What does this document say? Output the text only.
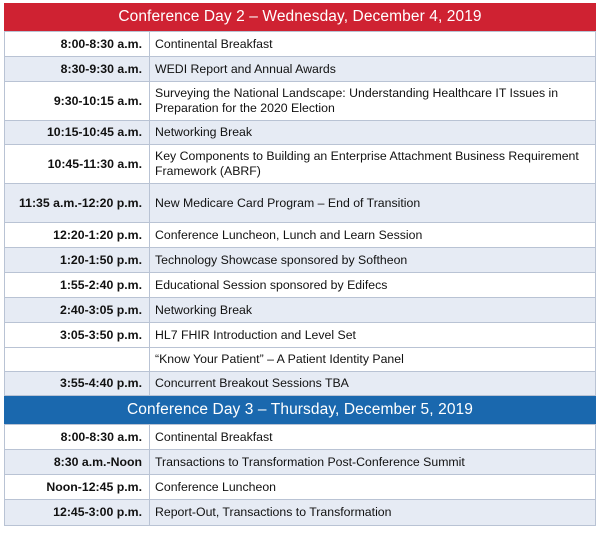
Conference Day 2 – Wednesday, December 4, 2019
8:00-8:30 a.m.	Continental Breakfast
8:30-9:30 a.m.	WEDI Report and Annual Awards
9:30-10:15 a.m.	Surveying the National Landscape: Understanding Healthcare IT Issues in Preparation for the 2020 Election
10:15-10:45 a.m.	Networking Break
10:45-11:30 a.m.	Key Components to Building an Enterprise Attachment Business Requirement Framework (ABRF)
11:35 a.m.-12:20 p.m.	New Medicare Card Program – End of Transition
12:20-1:20 p.m.	Conference Luncheon, Lunch and Learn Session
1:20-1:50 p.m.	Technology Showcase sponsored by Softheon
1:55-2:40 p.m.	Educational Session sponsored by Edifecs
2:40-3:05 p.m.	Networking Break
3:05-3:50 p.m.	HL7 FHIR Introduction and Level Set
	“Know Your Patient” – A Patient Identity Panel
3:55-4:40 p.m.	Concurrent Breakout Sessions TBA
Conference Day 3 – Thursday, December 5, 2019
8:00-8:30 a.m.	Continental Breakfast
8:30 a.m.-Noon	Transactions to Transformation Post-Conference Summit
Noon-12:45 p.m.	Conference Luncheon
12:45-3:00 p.m.	Report-Out, Transactions to Transformation
